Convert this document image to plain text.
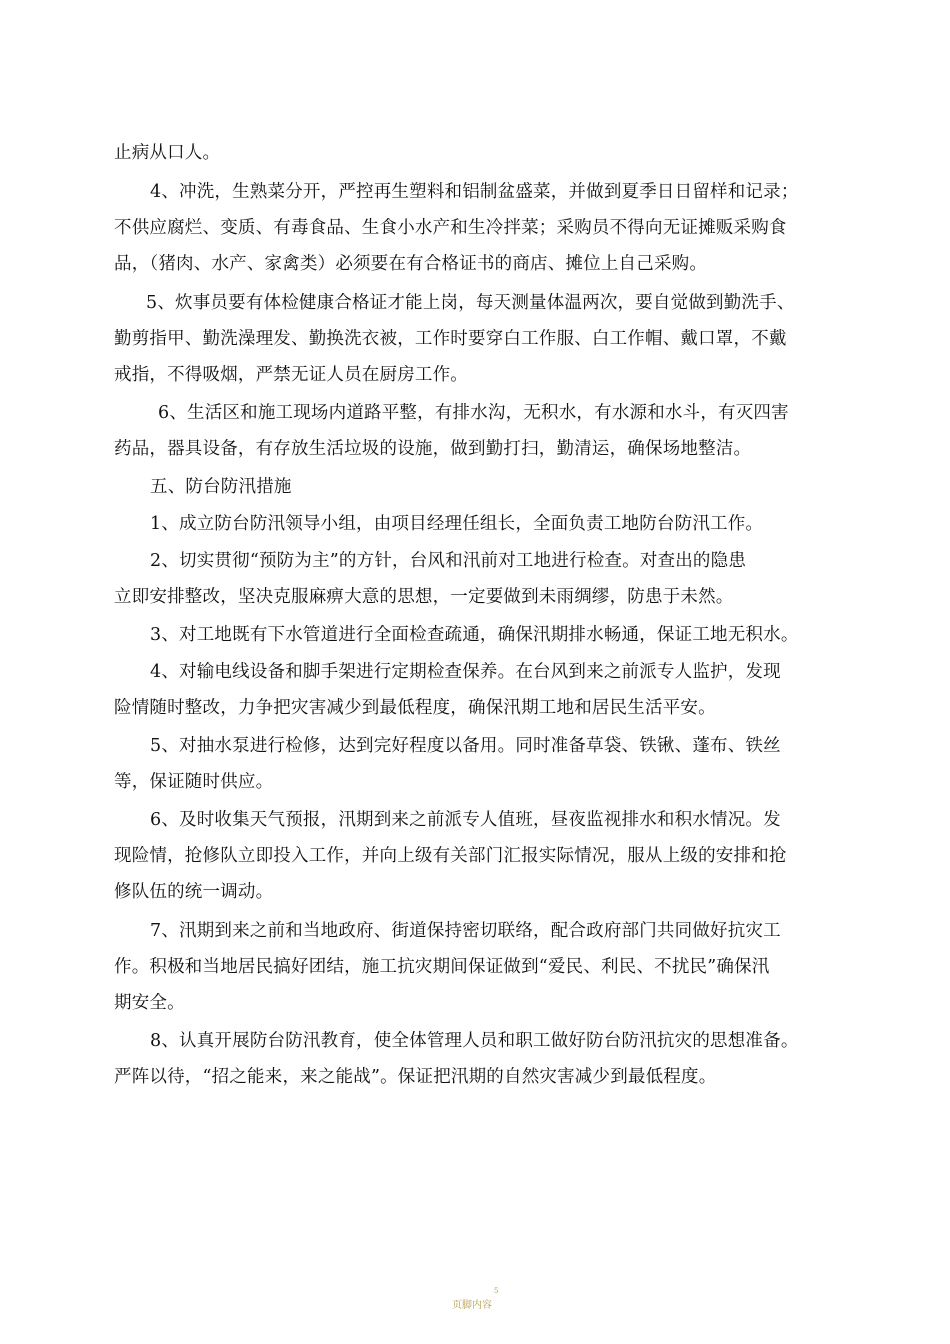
止病从口人。
4、冲洗，生熟菜分开，严控再生塑料和铝制盆盛菜，并做到夏季日日留样和记录；
不供应腐烂、变质、有毒食品、生食小水产和生冷拌菜；采购员不得向无证摊贩采购食
品，（猪肉、水产、家禽类）必须要在有合格证书的商店、摊位上自己采购。
5、炊事员要有体检健康合格证才能上岗，每天测量体温两次，要自觉做到勤洗手、
勤剪指甲、勤洗澡理发、勤换洗衣被，工作时要穿白工作服、白工作帽、戴口罩，不戴
戒指，不得吸烟，严禁无证人员在厨房工作。
6、生活区和施工现场内道路平整，有排水沟，无积水，有水源和水斗，有灭四害
药品，器具设备，有存放生活垃圾的设施，做到勤打扫，勤清运，确保场地整洁。
五、防台防汛措施
1、成立防台防汛领导小组，由项目经理任组长，全面负责工地防台防汛工作。
2、切实贯彻“预防为主”的方针，台风和汛前对工地进行检查。对查出的隐患
立即安排整改，坚决克服麻痹大意的思想，一定要做到未雨绸缪，防患于未然。
3、对工地既有下水管道进行全面检查疏通，确保汛期排水畅通，保证工地无积水。
4、对输电线设备和脚手架进行定期检查保养。在台风到来之前派专人监护，发现
险情随时整改，力争把灾害减少到最低程度，确保汛期工地和居民生活平安。
5、对抽水泵进行检修，达到完好程度以备用。同时准备草袋、铁锹、蓬布、铁丝
等，保证随时供应。
6、及时收集天气预报，汛期到来之前派专人值班，昼夜监视排水和积水情况。发
现险情，抢修队立即投入工作，并向上级有关部门汇报实际情况，服从上级的安排和抢
修队伍的统一调动。
7、汛期到来之前和当地政府、街道保持密切联络，配合政府部门共同做好抗灾工
作。积极和当地居民搞好团结，施工抗灾期间保证做到“爱民、利民、不扰民”确保汛
期安全。
8、认真开展防台防汛教育，使全体管理人员和职工做好防台防汛抗灾的思想准备。
严阵以待，“招之能来，来之能战”。保证把汛期的自然灾害减少到最低程度。
5
页脚内容
